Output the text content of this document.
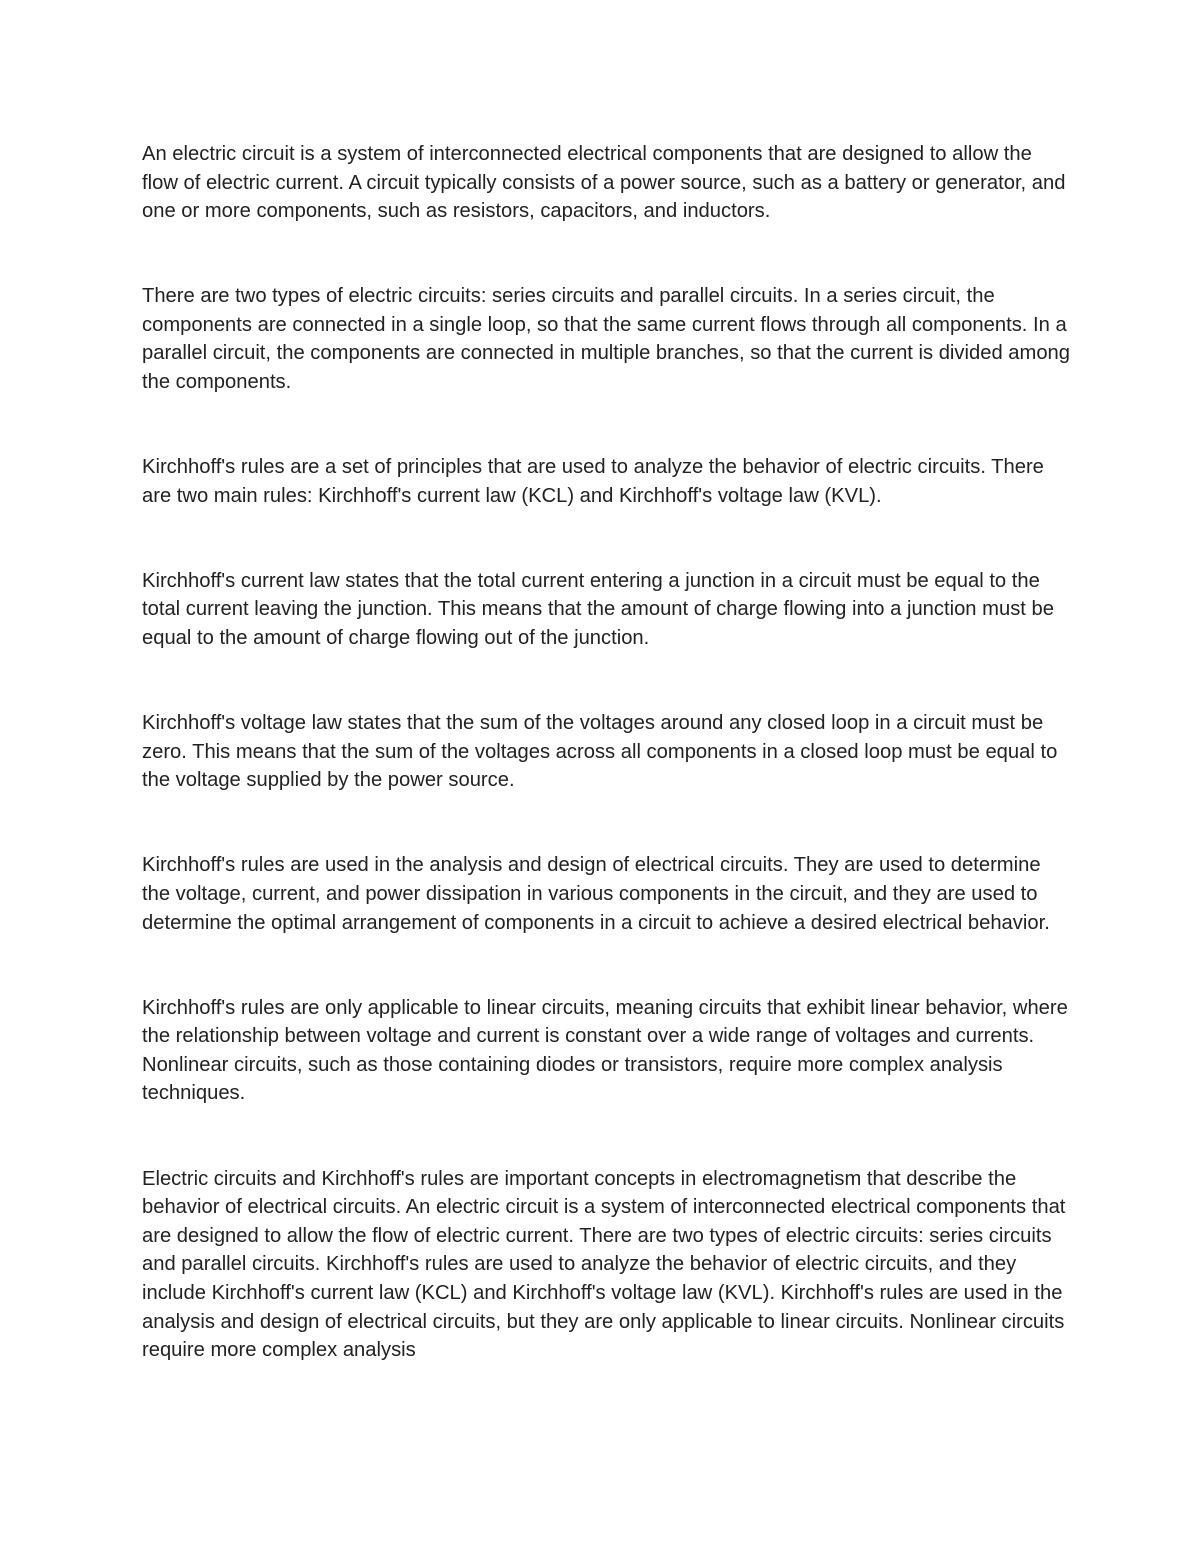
An electric circuit is a system of interconnected electrical components that are designed to allow the flow of electric current. A circuit typically consists of a power source, such as a battery or generator, and one or more components, such as resistors, capacitors, and inductors.

There are two types of electric circuits: series circuits and parallel circuits. In a series circuit, the components are connected in a single loop, so that the same current flows through all components. In a parallel circuit, the components are connected in multiple branches, so that the current is divided among the components.

Kirchhoff's rules are a set of principles that are used to analyze the behavior of electric circuits. There are two main rules: Kirchhoff's current law (KCL) and Kirchhoff's voltage law (KVL).

Kirchhoff's current law states that the total current entering a junction in a circuit must be equal to the total current leaving the junction. This means that the amount of charge flowing into a junction must be equal to the amount of charge flowing out of the junction.

Kirchhoff's voltage law states that the sum of the voltages around any closed loop in a circuit must be zero. This means that the sum of the voltages across all components in a closed loop must be equal to the voltage supplied by the power source.

Kirchhoff's rules are used in the analysis and design of electrical circuits. They are used to determine the voltage, current, and power dissipation in various components in the circuit, and they are used to determine the optimal arrangement of components in a circuit to achieve a desired electrical behavior.

Kirchhoff's rules are only applicable to linear circuits, meaning circuits that exhibit linear behavior, where the relationship between voltage and current is constant over a wide range of voltages and currents. Nonlinear circuits, such as those containing diodes or transistors, require more complex analysis techniques.

Electric circuits and Kirchhoff's rules are important concepts in electromagnetism that describe the behavior of electrical circuits. An electric circuit is a system of interconnected electrical components that are designed to allow the flow of electric current. There are two types of electric circuits: series circuits and parallel circuits. Kirchhoff's rules are used to analyze the behavior of electric circuits, and they include Kirchhoff's current law (KCL) and Kirchhoff's voltage law (KVL). Kirchhoff's rules are used in the analysis and design of electrical circuits, but they are only applicable to linear circuits. Nonlinear circuits require more complex analysis
